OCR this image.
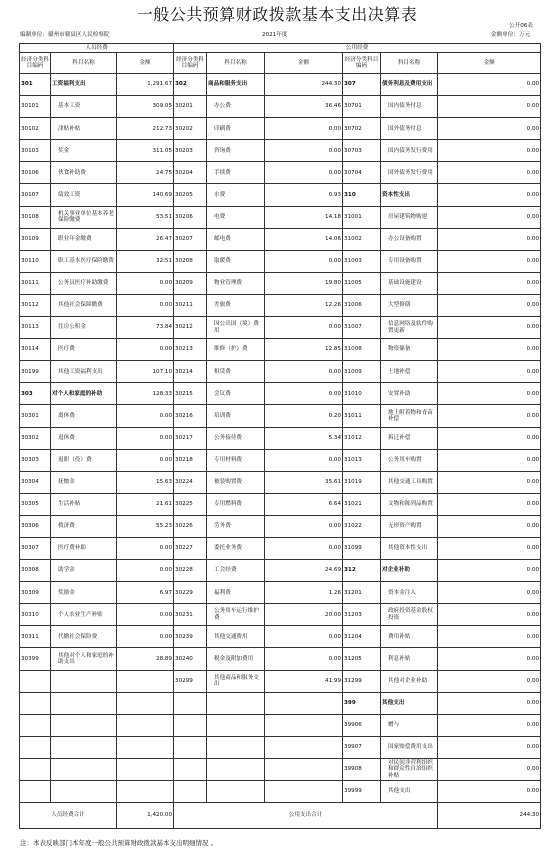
一般公共预算财政拨款基本支出决算表
公开06表
编制单位：赣州市赣县区人民检察院	2021年度	金额单位：万元
人员经费			公用经费					
经济分类科目编码	科目名称	金额	经济分类科目编码	科目名称	金额	经济分类科目编码	科目名称	金额
301	工资福利支出	1,291.67	302	商品和服务支出	244.30	307	债务利息及费用支出	0.00
30101	基本工资	309.05	30201	办公费	36.46	30701	国内债务付息	0.00
30102	津贴补贴	212.73	30202	印刷费	0.00	30702	国外债务付息	0.00
30103	奖金	311.05	30203	咨询费	0.00	30703	国内债务发行费用	0.00
30106	伙食补助费	24.75	30204	手续费	0.00	30704	国外债务发行费用	0.00
30107	绩效工资	140.69	30205	水费	0.93	310	资本性支出	0.00
30108	机关事业单位基本养老保险缴费	53.51	30206	电费	14.18	31001	房屋建筑物购建	0.00
30109	职业年金缴费	26.47	30207	邮电费	14.06	31002	办公设备购置	0.00
30110	职工基本医疗保险缴费	32.51	30208	取暖费	0.00	31003	专用设备购置	0.00
30111	公务员医疗补助缴费	0.00	30209	物业管理费	19.80	31005	基础设施建设	0.00
30112	其他社会保障缴费	0.00	30211	差旅费	12.26	31006	大型修缮	0.00
30113	住房公积金	73.84	30212	因公出国（境）费用	0.00	31007	信息网络及软件购置更新	0.00
30114	医疗费	0.00	30213	维修（护）费	12.85	31008	物资储备	0.00
30199	其他工资福利支出	107.10	30214	租赁费	0.00	31009	土地补偿	0.00
303	对个人和家庭的补助	128.33	30215	会议费	0.00	31010	安置补助	0.00
30301	离休费	0.00	30216	培训费	0.20	31011	地上附着物和青苗补偿	0.00
30302	退休费	0.00	30217	公务接待费	5.34	31012	拆迁补偿	0.00
30303	退职（役）费	0.00	30218	专用材料费	0.00	31013	公务用车购置	0.00
30304	抚恤金	15.63	30224	被装购置费	35.61	31019	其他交通工具购置	0.00
30305	生活补贴	21.61	30225	专用燃料费	6.64	31021	文物和陈列品购置	0.00
30306	救济费	55.23	30226	劳务费	0.00	31022	无形资产购置	0.00
30307	医疗费补助	0.00	30227	委托业务费	0.00	31099	其他资本性支出	0.00
30308	助学金	0.00	30228	工会经费	24.69	312	对企业补助	0.00
30309	奖励金	6.97	30229	福利费	1.26	31201	资本金注入	0.00
30310	个人农业生产补贴	0.00	30231	公务用车运行维护费	20.00	31203	政府投资基金股权投资	0.00
30311	代缴社会保险费	0.00	30239	其他交通费用	0.00	31204	费用补贴	0.00
30399	其他对个人和家庭的补助支出	28.89	30240	税金及附加费用	0.00	31205	利息补贴	0.00
			30299	其他商品和服务支出	41.99	31299	其他对企业补助	0.00
						399	其他支出	0.00
						39906	赠与	0.00
						39907	国家赔偿费用支出	0.00
						39908	对民间非营利组织和群众性自治组织补贴	0.00
						39999	其他支出	0.00
人员经费合计		1,420.00	公用支出合计					244.30
注：本表反映部门本年度一般公共预算财政拨款基本支出明细情况 。
